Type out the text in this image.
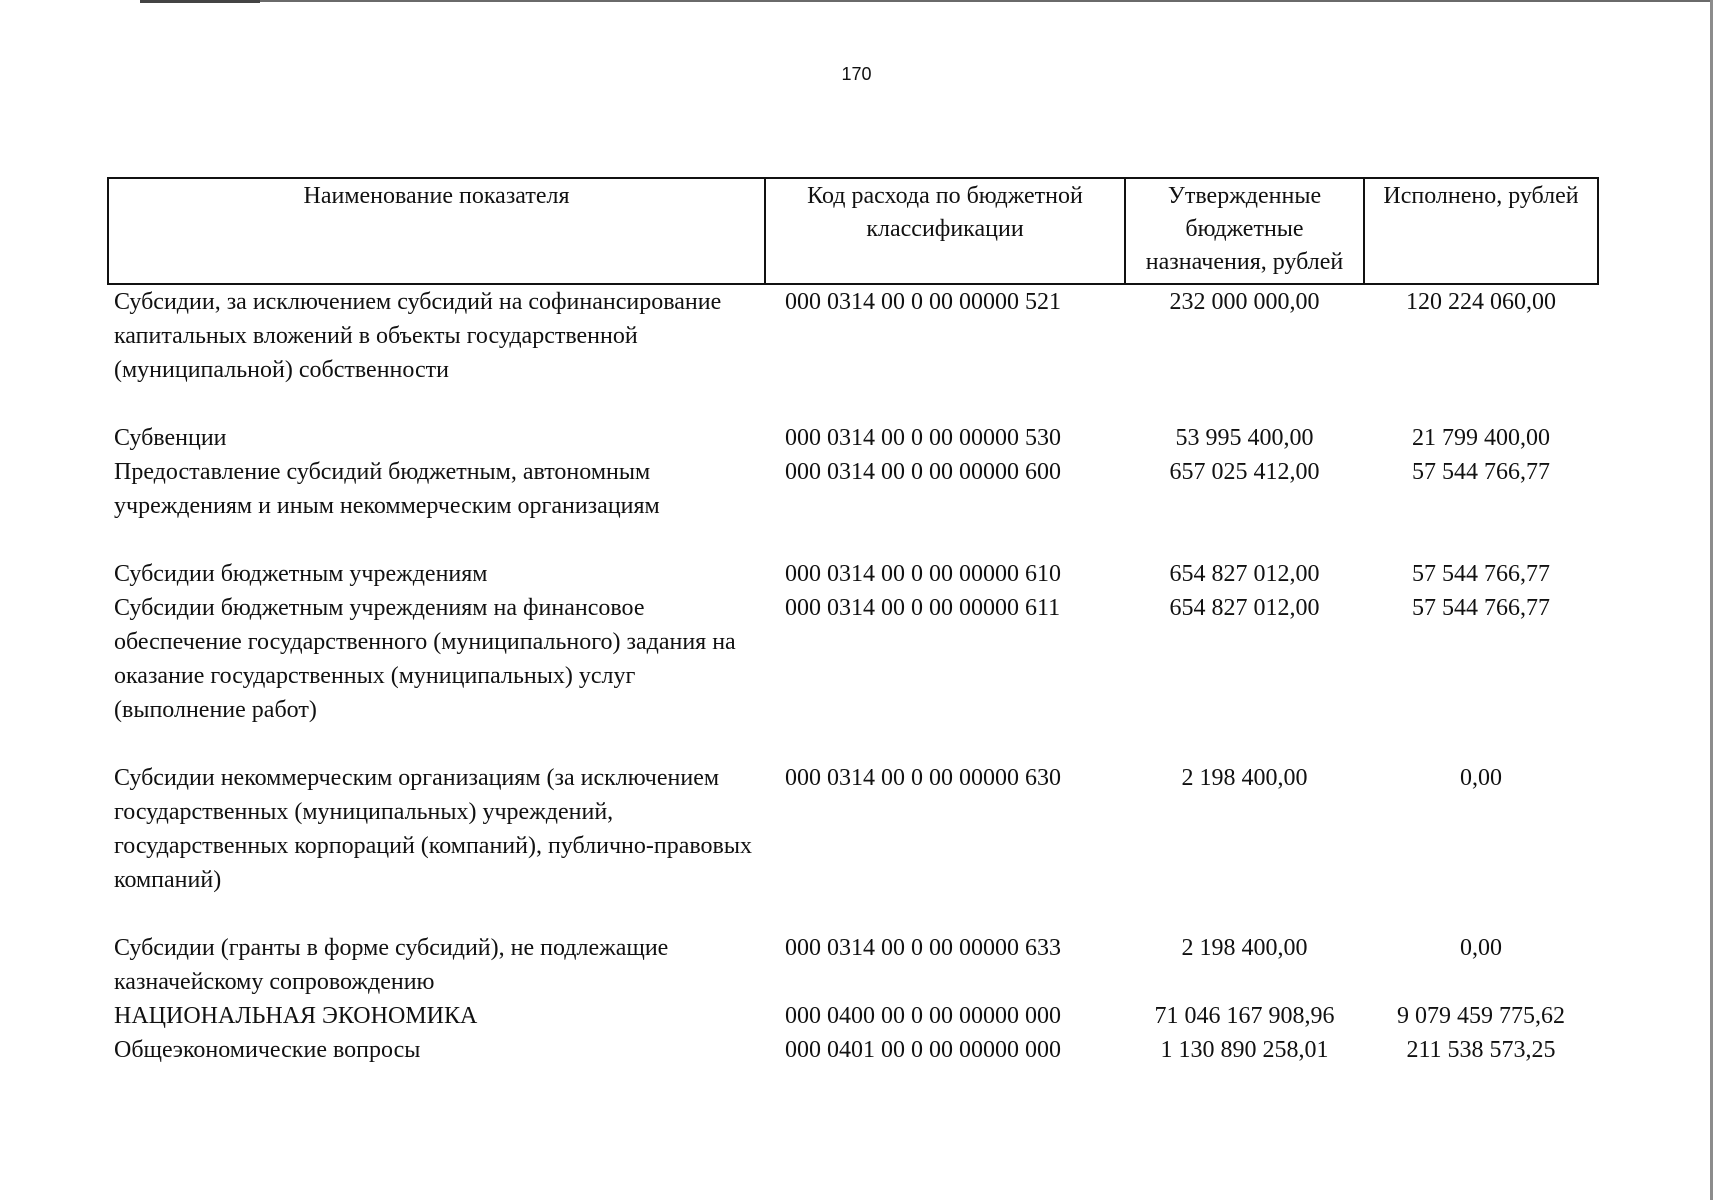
170
Наименование показателя	Код расхода по бюджетной классификации	Утвержденные бюджетные назначения, рублей	Исполнено, рублей
Субсидии, за исключением субсидий на софинансирование капитальных вложений в объекты государственной (муниципальной) собственности	000 0314 00 0 00 00000 521	232 000 000,00	120 224 060,00
Субвенции	000 0314 00 0 00 00000 530	53 995 400,00	21 799 400,00
Предоставление субсидий бюджетным, автономным учреждениям и иным некоммерческим организациям	000 0314 00 0 00 00000 600	657 025 412,00	57 544 766,77
Субсидии бюджетным учреждениям	000 0314 00 0 00 00000 610	654 827 012,00	57 544 766,77
Субсидии бюджетным учреждениям на финансовое обеспечение государственного (муниципального) задания на оказание государственных (муниципальных) услуг (выполнение работ)	000 0314 00 0 00 00000 611	654 827 012,00	57 544 766,77
Субсидии некоммерческим организациям (за исключением государственных (муниципальных) учреждений, государственных корпораций (компаний), публично-правовых компаний)	000 0314 00 0 00 00000 630	2 198 400,00	0,00
Субсидии (гранты в форме субсидий), не подлежащие казначейскому сопровождению	000 0314 00 0 00 00000 633	2 198 400,00	0,00
НАЦИОНАЛЬНАЯ ЭКОНОМИКА	000 0400 00 0 00 00000 000	71 046 167 908,96	9 079 459 775,62
Общеэкономические вопросы	000 0401 00 0 00 00000 000	1 130 890 258,01	211 538 573,25
